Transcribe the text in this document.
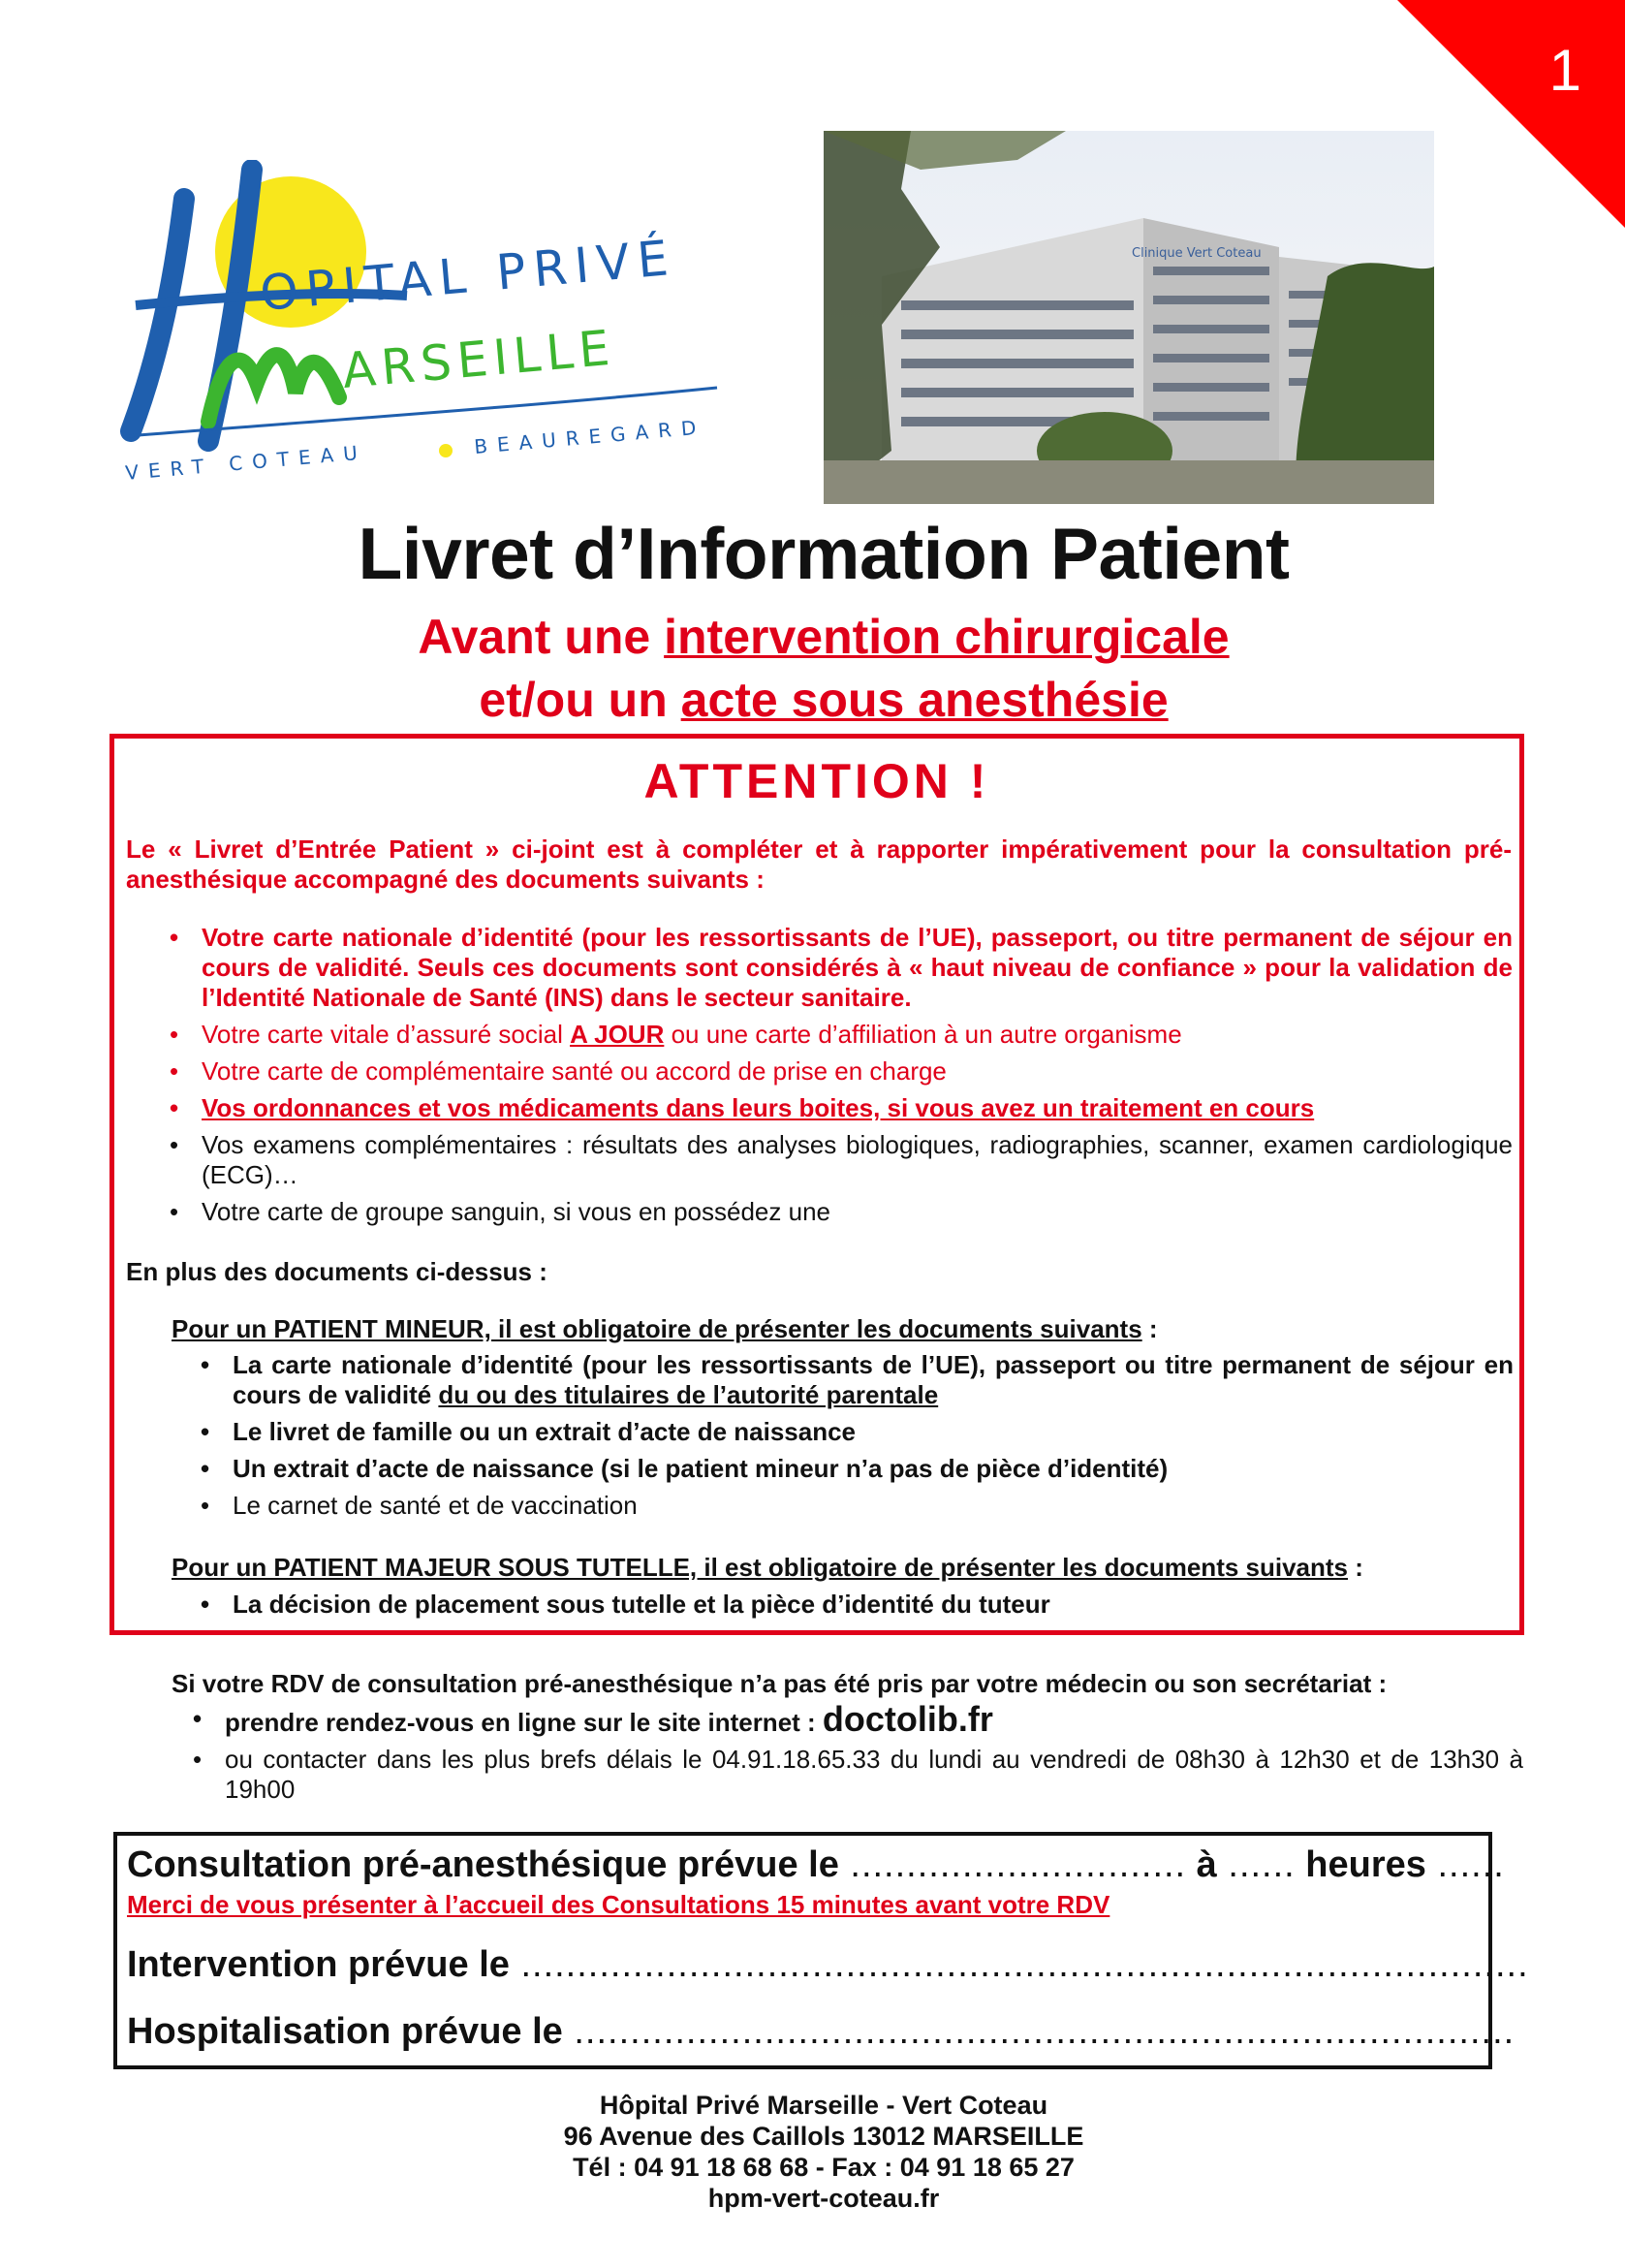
1
OPITAL PRIVÉ
ARSEILLE
VERT COTEAU
BEAUREGARD
Clinique Vert Coteau
Livret d’Information Patient
Avant une intervention chirurgicale
et/ou un acte sous anesthésie
ATTENTION !
Le « Livret d’Entrée Patient » ci-joint est à compléter et à rapporter impérativement pour la consultation pré-anesthésique accompagné des documents suivants :
• Votre carte nationale d’identité (pour les ressortissants de l’UE), passeport, ou titre permanent de séjour en cours de validité. Seuls ces documents sont considérés à « haut niveau de confiance » pour la validation de l’Identité Nationale de Santé (INS) dans le secteur sanitaire.
• Votre carte vitale d’assuré social A JOUR ou une carte d’affiliation à un autre organisme
• Votre carte de complémentaire santé ou accord de prise en charge
• Vos ordonnances et vos médicaments dans leurs boites, si vous avez un traitement en cours
• Vos examens complémentaires : résultats des analyses biologiques, radiographies, scanner, examen cardiologique (ECG)…
• Votre carte de groupe sanguin, si vous en possédez une
En plus des documents ci-dessus :
Pour un PATIENT MINEUR, il est obligatoire de présenter les documents suivants :
• La carte nationale d’identité (pour les ressortissants de l’UE), passeport ou titre permanent de séjour en cours de validité du ou des titulaires de l’autorité parentale
• Le livret de famille ou un extrait d’acte de naissance
• Un extrait d’acte de naissance (si le patient mineur n’a pas de pièce d’identité)
• Le carnet de santé et de vaccination
Pour un PATIENT MAJEUR SOUS TUTELLE, il est obligatoire de présenter les documents suivants :
• La décision de placement sous tutelle et la pièce d’identité du tuteur
Si votre RDV de consultation pré-anesthésique n’a pas été pris par votre médecin ou son secrétariat :
• prendre rendez-vous en ligne sur le site internet : doctolib.fr
• ou contacter dans les plus brefs délais le 04.91.18.65.33 du lundi au vendredi de 08h30 à 12h30 et de 13h30 à 19h00
Consultation pré-anesthésique prévue le .............................. à ...... heures ......
Merci de vous présenter à l’accueil des Consultations 15 minutes avant votre RDV
Intervention prévue le ..........................................................................................
Hospitalisation prévue le ....................................................................................
Hôpital Privé Marseille - Vert Coteau
96 Avenue des Caillols 13012 MARSEILLE
Tél : 04 91 18 68 68 - Fax : 04 91 18 65 27
hpm-vert-coteau.fr
